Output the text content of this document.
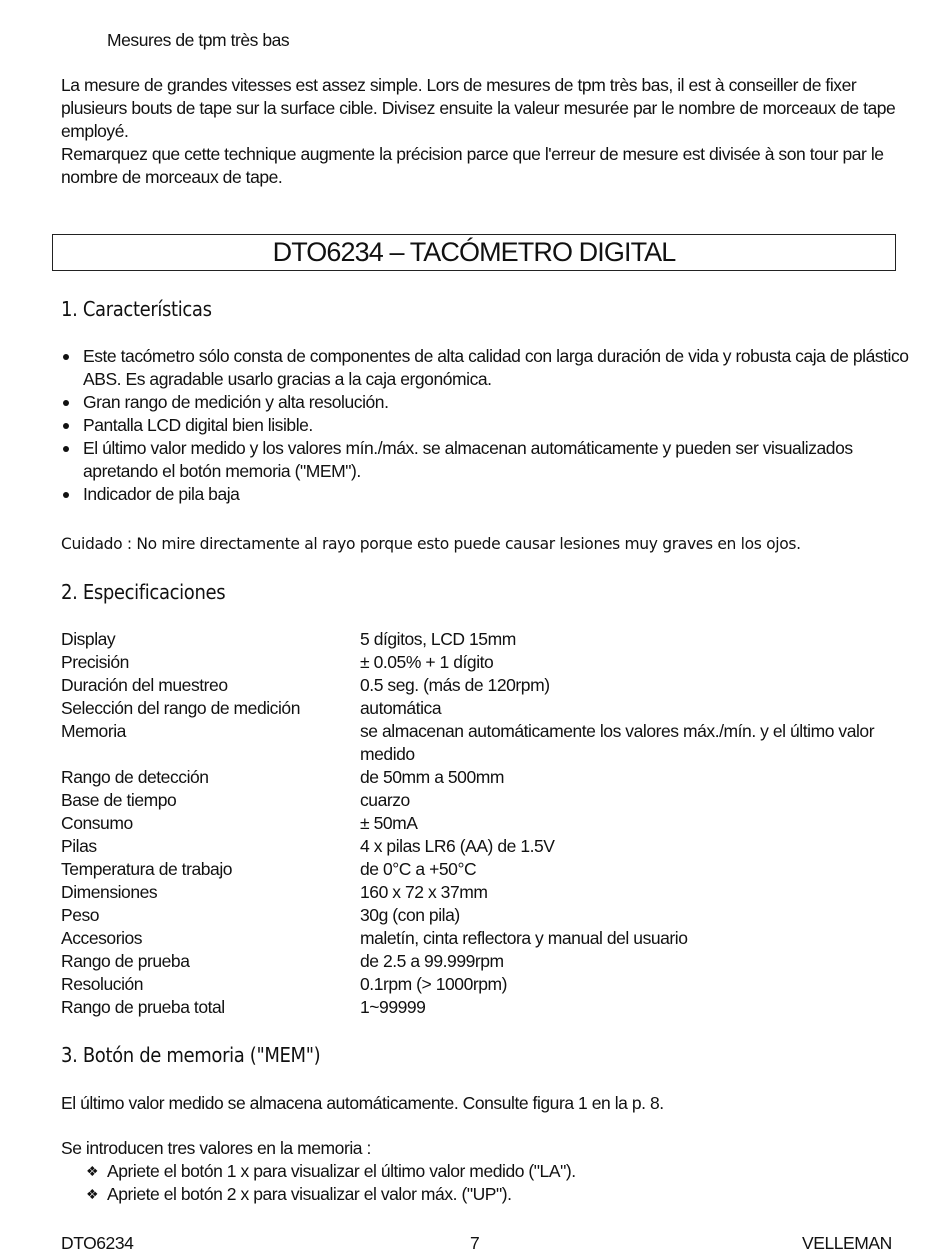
Mesures de tpm très bas

La mesure de grandes vitesses est assez simple. Lors de mesures de tpm très bas, il est à conseiller de fixer

plusieurs bouts de tape sur la surface cible. Divisez ensuite la valeur mesurée par le nombre de morceaux de tape

employé.

Remarquez que cette technique augmente la précision parce que l'erreur de mesure est divisée à son tour par le

nombre de morceaux de tape.

DTO6234 – TACÓMETRO DIGITAL

1. Características

Este tacómetro sólo consta de componentes de alta calidad con larga duración de vida y robusta caja de plástico
ABS. Es agradable usarlo gracias a la caja ergonómica.
Gran rango de medición y alta resolución.
Pantalla LCD digital bien lisible.
El último valor medido y los valores mín./máx. se almacenan automáticamente y pueden ser visualizados
apretando el botón memoria ("MEM").
Indicador de pila baja

Cuidado : No mire directamente al rayo porque esto puede causar lesiones muy graves en los ojos.

2. Especificaciones

Display	5 dígitos, LCD 15mm
Precisión	± 0.05% + 1 dígito
Duración del muestreo	0.5 seg. (más de 120rpm)
Selección del rango de medición	automática
Memoria	se almacenan automáticamente los valores máx./mín. y el último valor
medido
Rango de detección	de 50mm a 500mm
Base de tiempo	cuarzo
Consumo	± 50mA
Pilas	4 x pilas LR6 (AA) de 1.5V
Temperatura de trabajo	de 0°C a +50°C
Dimensiones	160 x 72 x 37mm
Peso	30g (con pila)
Accesorios	maletín, cinta reflectora y manual del usuario
Rango de prueba	de 2.5 a 99.999rpm
Resolución	0.1rpm (> 1000rpm)
Rango de prueba total	1~99999

3. Botón de memoria ("MEM")

El último valor medido se almacena automáticamente. Consulte figura 1 en la p. 8.

Se introducen tres valores en la memoria :

❖ Apriete el botón 1 x para visualizar el último valor medido ("LA").
❖ Apriete el botón 2 x para visualizar el valor máx. ("UP").
DTO6234	7	VELLEMAN
